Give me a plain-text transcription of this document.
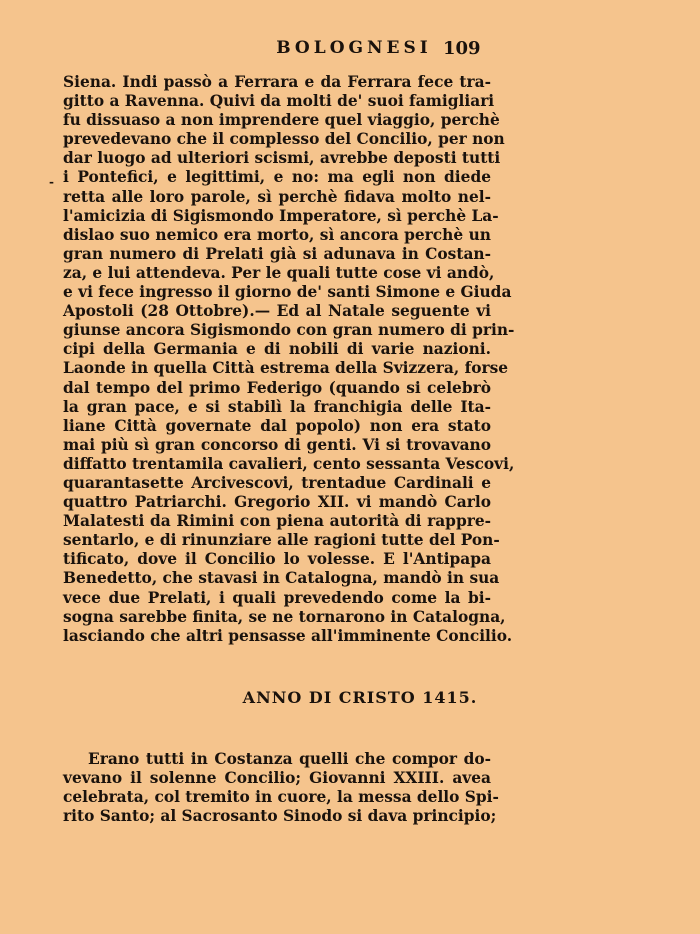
BOLOGNESI 109
-
Siena. Indi passò a Ferrara e da Ferrara fece tra-
gitto a Ravenna. Quivi da molti de' suoi famigliari
fu dissuaso a non imprendere quel viaggio, perchè
prevedevano che il complesso del Concilio, per non
dar luogo ad ulteriori scismi, avrebbe deposti tutti
i Pontefici, e legittimi, e no: ma egli non diede
retta alle loro parole, sì perchè fidava molto nel-
l'amicizia di Sigismondo Imperatore, sì perchè La-
dislao suo nemico era morto, sì ancora perchè un
gran numero di Prelati già si adunava in Costan-
za, e lui attendeva. Per le quali tutte cose vi andò,
e vi fece ingresso il giorno de' santi Simone e Giuda
Apostoli (28 Ottobre).— Ed al Natale seguente vi
giunse ancora Sigismondo con gran numero di prin-
cipi della Germania e di nobili di varie nazioni.
Laonde in quella Città estrema della Svizzera, forse
dal tempo del primo Federigo (quando si celebrò
la gran pace, e si stabilì la franchigia delle Ita-
liane Città governate dal popolo) non era stato
mai più sì gran concorso di genti. Vi si trovavano
diffatto trentamila cavalieri, cento sessanta Vescovi,
quarantasette Arcivescovi, trentadue Cardinali e
quattro Patriarchi. Gregorio XII. vi mandò Carlo
Malatesti da Rimini con piena autorità di rappre-
sentarlo, e di rinunziare alle ragioni tutte del Pon-
tificato, dove il Concilio lo volesse. E l'Antipapa
Benedetto, che stavasi in Catalogna, mandò in sua
vece due Prelati, i quali prevedendo come la bi-
sogna sarebbe finita, se ne tornarono in Catalogna,
lasciando che altri pensasse all'imminente Concilio.
ANNO DI CRISTO 1415.
Erano tutti in Costanza quelli che compor do-
vevano il solenne Concilio; Giovanni XXIII. avea
celebrata, col tremito in cuore, la messa dello Spi-
rito Santo; al Sacrosanto Sinodo si dava principio;
